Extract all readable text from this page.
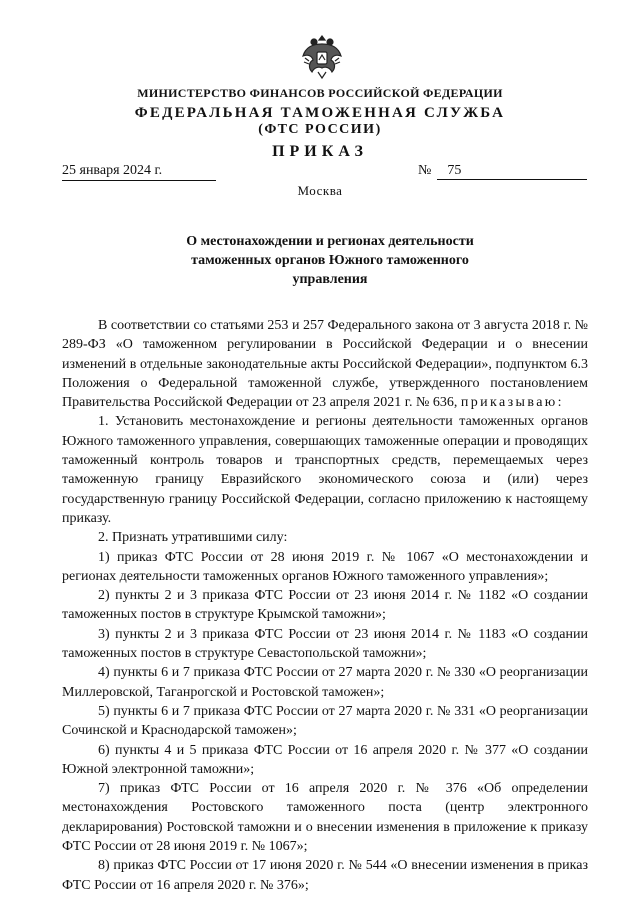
МИНИСТЕРСТВО ФИНАНСОВ РОССИЙСКОЙ ФЕДЕРАЦИИ
ФЕДЕРАЛЬНАЯ ТАМОЖЕННАЯ СЛУЖБА
(ФТС РОССИИ)
ПРИКАЗ
25 января 2024 г.	№ 75
Москва
О местонахождении и регионах деятельности таможенных органов Южного таможенного управления

В соответствии со статьями 253 и 257 Федерального закона от 3 августа 2018 г. № 289-ФЗ «О таможенном регулировании в Российской Федерации и о внесении изменений в отдельные законодательные акты Российской Федерации», подпунктом 6.3 Положения о Федеральной таможенной службе, утвержденного постановлением Правительства Российской Федерации от 23 апреля 2021 г. № 636, приказываю:

1. Установить местонахождение и регионы деятельности таможенных органов Южного таможенного управления, совершающих таможенные операции и проводящих таможенный контроль товаров и транспортных средств, перемещаемых через таможенную границу Евразийского экономического союза и (или) через государственную границу Российской Федерации, согласно приложению к настоящему приказу.

2. Признать утратившими силу:

1) приказ ФТС России от 28 июня 2019 г. № 1067 «О местонахождении и регионах деятельности таможенных органов Южного таможенного управления»;

2) пункты 2 и 3 приказа ФТС России от 23 июня 2014 г. № 1182 «О создании таможенных постов в структуре Крымской таможни»;

3) пункты 2 и 3 приказа ФТС России от 23 июня 2014 г. № 1183 «О создании таможенных постов в структуре Севастопольской таможни»;

4) пункты 6 и 7 приказа ФТС России от 27 марта 2020 г. № 330 «О реорганизации Миллеровской, Таганрогской и Ростовской таможен»;

5) пункты 6 и 7 приказа ФТС России от 27 марта 2020 г. № 331 «О реорганизации Сочинской и Краснодарской таможен»;

6) пункты 4 и 5 приказа ФТС России от 16 апреля 2020 г. № 377 «О создании Южной электронной таможни»;

7) приказ ФТС России от 16 апреля 2020 г. № 376 «Об определении местонахождения Ростовского таможенного поста (центр электронного декларирования) Ростовской таможни и о внесении изменения в приложение к приказу ФТС России от 28 июня 2019 г. № 1067»;

8) приказ ФТС России от 17 июня 2020 г. № 544 «О внесении изменения в приказ ФТС России от 16 апреля 2020 г. № 376»;
